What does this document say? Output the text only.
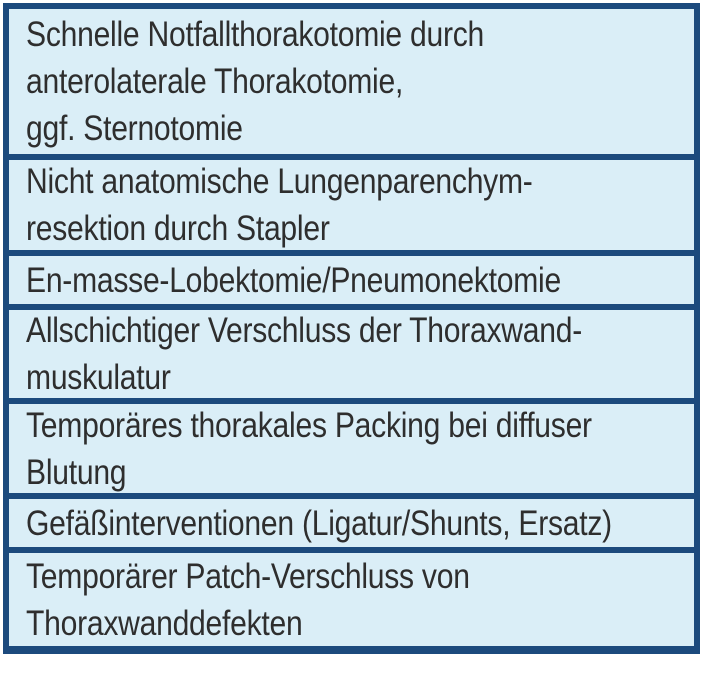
Schnelle Notfallthorakotomie durch
anterolaterale Thorakotomie,
ggf. Sternotomie
Nicht anatomische Lungenparenchym-
resektion durch Stapler
En-masse-Lobektomie/Pneumonektomie
Allschichtiger Verschluss der Thoraxwand-
muskulatur
Temporäres thorakales Packing bei diffuser
Blutung
Gefäßinterventionen (Ligatur/Shunts, Ersatz)
Temporärer Patch-Verschluss von
Thoraxwanddefekten
